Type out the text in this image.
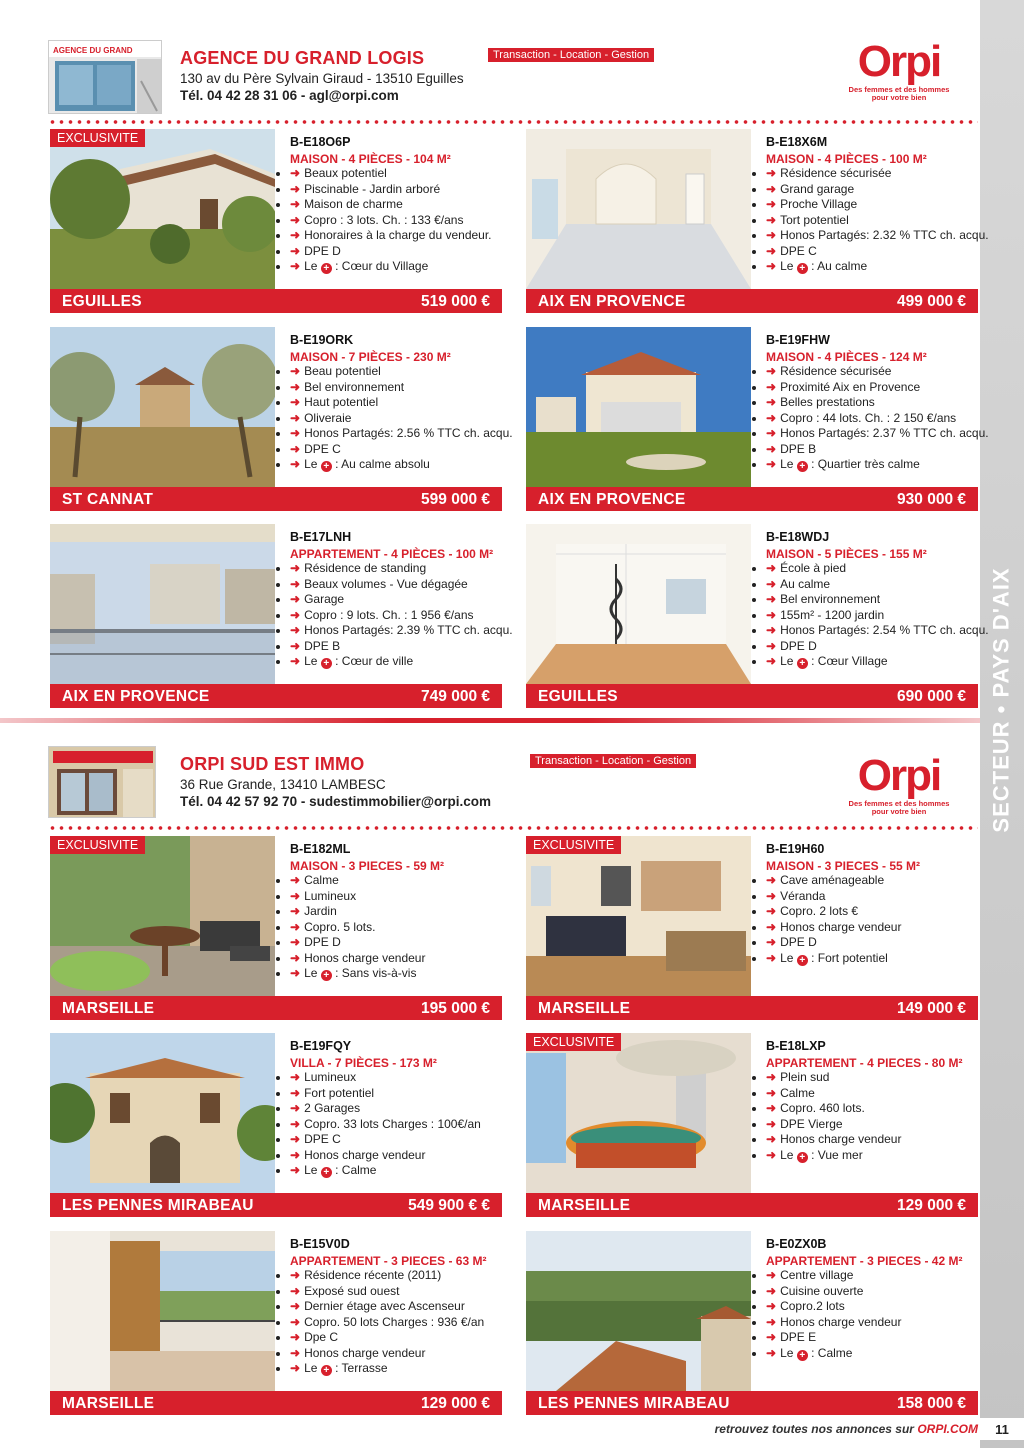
SECTEUR • PAYS D'AIX
AGENCE DU GRAND	AGENCE DU GRAND LOGIS
130 av du Père Sylvain Giraud - 13510 Eguilles
Tél. 04 42 28 31 06 - agl@orpi.com
Transaction - Location - Gestion	Orpi
Des femmes et des hommes pour votre bien
ORPI SUD EST IMMO
36 Rue Grande, 13410 LAMBESC
Tél. 04 42 57 92 70 - sudestimmobilier@orpi.com
Transaction - Location - Gestion	Orpi
Des femmes et des hommes pour votre bien
EXCLUSIVITE	B-E18O6P
MAISON - 4 PIÈCES - 104 M²
• ➜ Beaux potentiel
• ➜ Piscinable - Jardin arboré
• ➜ Maison de charme
• ➜ Copro : 3 lots. Ch. : 133 €/ans
• ➜ Honoraires à la charge du vendeur.
• ➜ DPE D
• ➜ Le + : Cœur du Village
EGUILLES	519 000 €
B-E18X6M
MAISON - 4 PIÈCES - 100 M²
• ➜ Résidence sécurisée
• ➜ Grand garage
• ➜ Proche Village
• ➜ Tort potentiel
• ➜ Honos Partagés: 2.32 % TTC ch. acqu.
• ➜ DPE C
• ➜ Le + : Au calme
AIX EN PROVENCE	499 000 €
B-E19ORK
MAISON - 7 PIÈCES - 230 M²
• ➜ Beau potentiel
• ➜ Bel environnement
• ➜ Haut potentiel
• ➜ Oliveraie
• ➜ Honos Partagés: 2.56 % TTC ch. acqu.
• ➜ DPE C
• ➜ Le + : Au calme absolu
ST CANNAT	599 000 €
B-E19FHW
MAISON - 4 PIÈCES - 124 M²
• ➜ Résidence sécurisée
• ➜ Proximité Aix en Provence
• ➜ Belles prestations
• ➜ Copro : 44 lots. Ch. : 2 150 €/ans
• ➜ Honos Partagés: 2.37 % TTC ch. acqu.
• ➜ DPE B
• ➜ Le + : Quartier très calme
AIX EN PROVENCE	930 000 €
B-E17LNH
APPARTEMENT - 4 PIÈCES - 100 M²
• ➜ Résidence de standing
• ➜ Beaux volumes - Vue dégagée
• ➜ Garage
• ➜ Copro : 9 lots. Ch. : 1 956 €/ans
• ➜ Honos Partagés: 2.39 % TTC ch. acqu.
• ➜ DPE B
• ➜ Le + : Cœur de ville
AIX EN PROVENCE	749 000 €
B-E18WDJ
MAISON - 5 PIÈCES - 155 M²
• ➜ École à pied
• ➜ Au calme
• ➜ Bel environnement
• ➜ 155m² - 1200 jardin
• ➜ Honos Partagés: 2.54 % TTC ch. acqu.
• ➜ DPE D
• ➜ Le + : Cœur Village
EGUILLES	690 000 €
EXCLUSIVITE	B-E182ML
MAISON - 3 PIECES - 59 M²
• ➜ Calme
• ➜ Lumineux
• ➜ Jardin
• ➜ Copro. 5 lots.
• ➜ DPE D
• ➜ Honos charge vendeur
• ➜ Le + : Sans vis-à-vis
MARSEILLE	195 000 €
EXCLUSIVITE	B-E19H60
MAISON - 3 PIECES - 55 M²
• ➜ Cave aménageable
• ➜ Véranda
• ➜ Copro. 2 lots €
• ➜ Honos charge vendeur
• ➜ DPE D
• ➜ Le + : Fort potentiel
MARSEILLE	149 000 €
B-E19FQY
VILLA - 7 PIÈCES - 173 M²
• ➜ Lumineux
• ➜ Fort potentiel
• ➜ 2 Garages
• ➜ Copro. 33 lots Charges : 100€/an
• ➜ DPE C
• ➜ Honos charge vendeur
• ➜ Le + : Calme
LES PENNES MIRABEAU	549 900 € €
EXCLUSIVITE	B-E18LXP
APPARTEMENT - 4 PIECES - 80 M²
• ➜ Plein sud
• ➜ Calme
• ➜ Copro. 460 lots.
• ➜ DPE Vierge
• ➜ Honos charge vendeur
• ➜ Le + : Vue mer
MARSEILLE	129 000 €
B-E15V0D
APPARTEMENT - 3 PIECES - 63 M²
• ➜ Résidence récente (2011)
• ➜ Exposé sud ouest
• ➜ Dernier étage avec Ascenseur
• ➜ Copro. 50 lots Charges : 936 €/an
• ➜ Dpe C
• ➜ Honos charge vendeur
• ➜ Le + : Terrasse
MARSEILLE	129 000 €
B-E0ZX0B
APPARTEMENT - 3 PIECES - 42 M²
• ➜ Centre village
• ➜ Cuisine ouverte
• ➜ Copro.2 lots
• ➜ Honos charge vendeur
• ➜ DPE E
• ➜ Le + : Calme
LES PENNES MIRABEAU	158 000 €
retrouvez toutes nos annonces sur ORPI.COM	11
